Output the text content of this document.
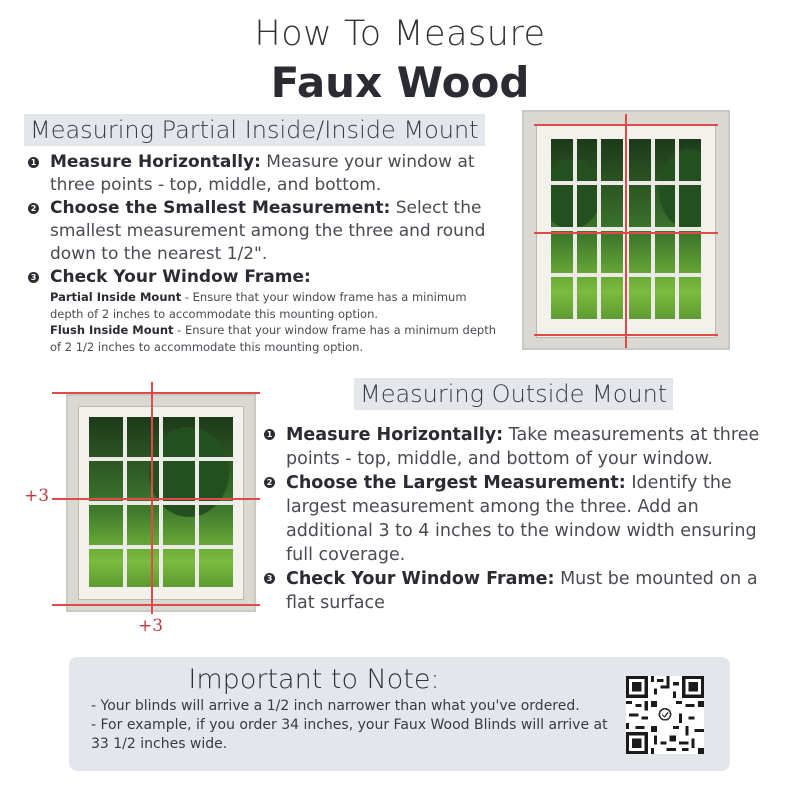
How To Measure
Faux Wood
Measuring Partial Inside/Inside Mount
1 Measure Horizontally: Measure your window at three points - top, middle, and bottom.
2 Choose the Smallest Measurement: Select the smallest measurement among the three and round down to the nearest 1/2".
3 Check Your Window Frame:
Partial Inside Mount - Ensure that your window frame has a minimum depth of 2 inches to accommodate this mounting option.
Flush Inside Mount - Ensure that your window frame has a minimum depth of 2 1/2 inches to accommodate this mounting option.
+3
+3
Measuring Outside Mount
1 Measure Horizontally: Take measurements at three points - top, middle, and bottom of your window.
2 Choose the Largest Measurement: Identify the largest measurement among the three. Add an additional 3 to 4 inches to the window width ensuring full coverage.
3 Check Your Window Frame: Must be mounted on a flat surface
Important to Note:
- Your blinds will arrive a 1/2 inch narrower than what you've ordered.
- For example, if you order 34 inches, your Faux Wood Blinds will arrive at 33 1/2 inches wide.
